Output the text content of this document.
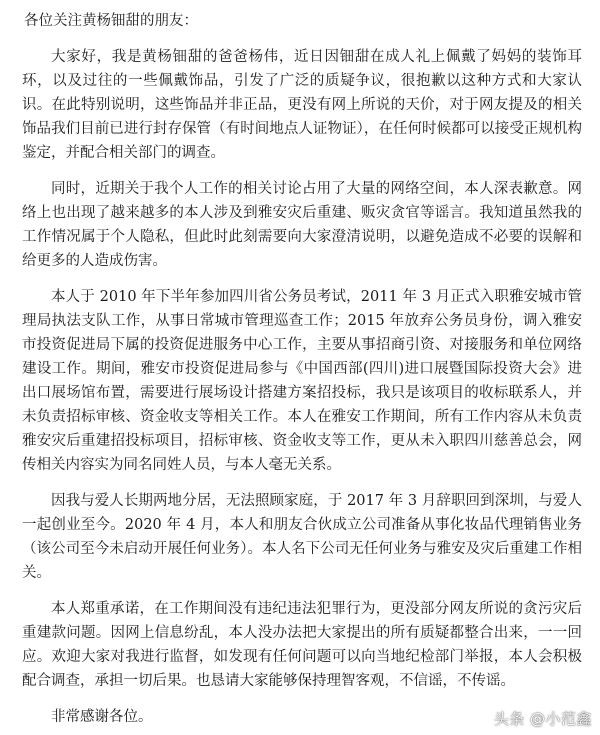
各位关注黄杨钿甜的朋友：

大家好，我是黄杨钿甜的爸爸杨伟，近日因钿甜在成人礼上佩戴了妈妈的装饰耳环，以及过往的一些佩戴饰品，引发了广泛的质疑争议，很抱歉以这种方式和大家认识。在此特别说明，这些饰品并非正品，更没有网上所说的天价，对于网友提及的相关饰品我们目前已进行封存保管（有时间地点人证物证），在任何时候都可以接受正规机构鉴定，并配合相关部门的调查。

同时，近期关于我个人工作的相关讨论占用了大量的网络空间，本人深表歉意。网络上也出现了越来越多的本人涉及到雅安灾后重建、贩灾贪官等谣言。我知道虽然我的工作情况属于个人隐私，但此时此刻需要向大家澄清说明，以避免造成不必要的误解和给更多的人造成伤害。

本人于 2010 年下半年参加四川省公务员考试，2011 年 3 月正式入职雅安城市管理局执法支队工作，从事日常城市管理巡查工作；2015 年放弃公务员身份，调入雅安市投资促进局下属的投资促进服务中心工作，主要从事招商引资、对接服务和单位网络建设工作。期间，雅安市投资促进局参与《中国西部(四川)进口展暨国际投资大会》进出口展场馆布置，需要进行展场设计搭建方案招投标，我只是该项目的收标联系人，并未负责招标审核、资金收支等相关工作。本人在雅安工作期间，所有工作内容从未负责雅安灾后重建招投标项目，招标审核、资金收支等工作，更从未入职四川慈善总会，网传相关内容实为同名同姓人员，与本人毫无关系。

因我与爱人长期两地分居，无法照顾家庭，于 2017 年 3 月辞职回到深圳，与爱人一起创业至今。2020 年 4 月，本人和朋友合伙成立公司准备从事化妆品代理销售业务（该公司至今未启动开展任何业务）。本人名下公司无任何业务与雅安及灾后重建工作相关。

本人郑重承诺，在工作期间没有违纪违法犯罪行为，更没部分网友所说的贪污灾后重建款问题。因网上信息纷乱，本人没办法把大家提出的所有质疑都整合出来，一一回应。欢迎大家对我进行监督，如发现有任何问题可以向当地纪检部门举报，本人会积极配合调查，承担一切后果。也恳请大家能够保持理智客观，不信谣，不传谣。

非常感谢各位。	头条 @小范鑫
